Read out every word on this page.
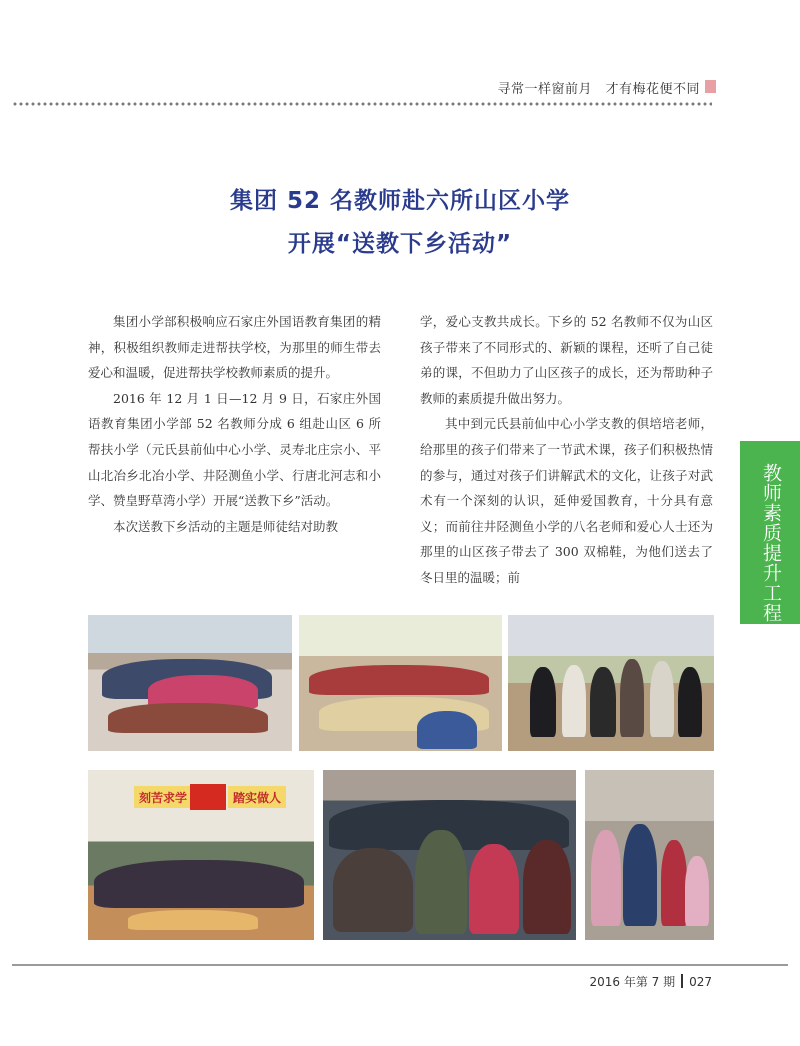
寻常一样窗前月　才有梅花便不同
集团 52 名教师赴六所山区小学
开展“送教下乡活动”

集团小学部积极响应石家庄外国语教育集团的精神，积极组织教师走进帮扶学校，为那里的师生带去爱心和温暖，促进帮扶学校教师素质的提升。

2016 年 12 月 1 日—12 月 9 日，石家庄外国语教育集团小学部 52 名教师分成 6 组赴山区 6 所帮扶小学（元氏县前仙中心小学、灵寿北庄宗小、平山北冶乡北冶小学、井陉测鱼小学、行唐北河志和小学、赞皇野草湾小学）开展“送教下乡”活动。

本次送教下乡活动的主题是师徒结对助教

学，爱心支教共成长。下乡的 52 名教师不仅为山区孩子带来了不同形式的、新颖的课程，还听了自己徒弟的课，不但助力了山区孩子的成长，还为帮助种子教师的素质提升做出努力。

其中到元氏县前仙中心小学支教的倶培培老师，给那里的孩子们带来了一节武术课，孩子们积极热情的参与，通过对孩子们讲解武术的文化，让孩子对武术有一个深刻的认识，延伸爱国教育，十分具有意义；而前往井陉测鱼小学的八名老师和爱心人士还为那里的山区孩子带去了 300 双棉鞋，为他们送去了冬日里的温暖；前	教师素质提升工程
刻苦求学	踏实做人
2016 年第 7 期 027
